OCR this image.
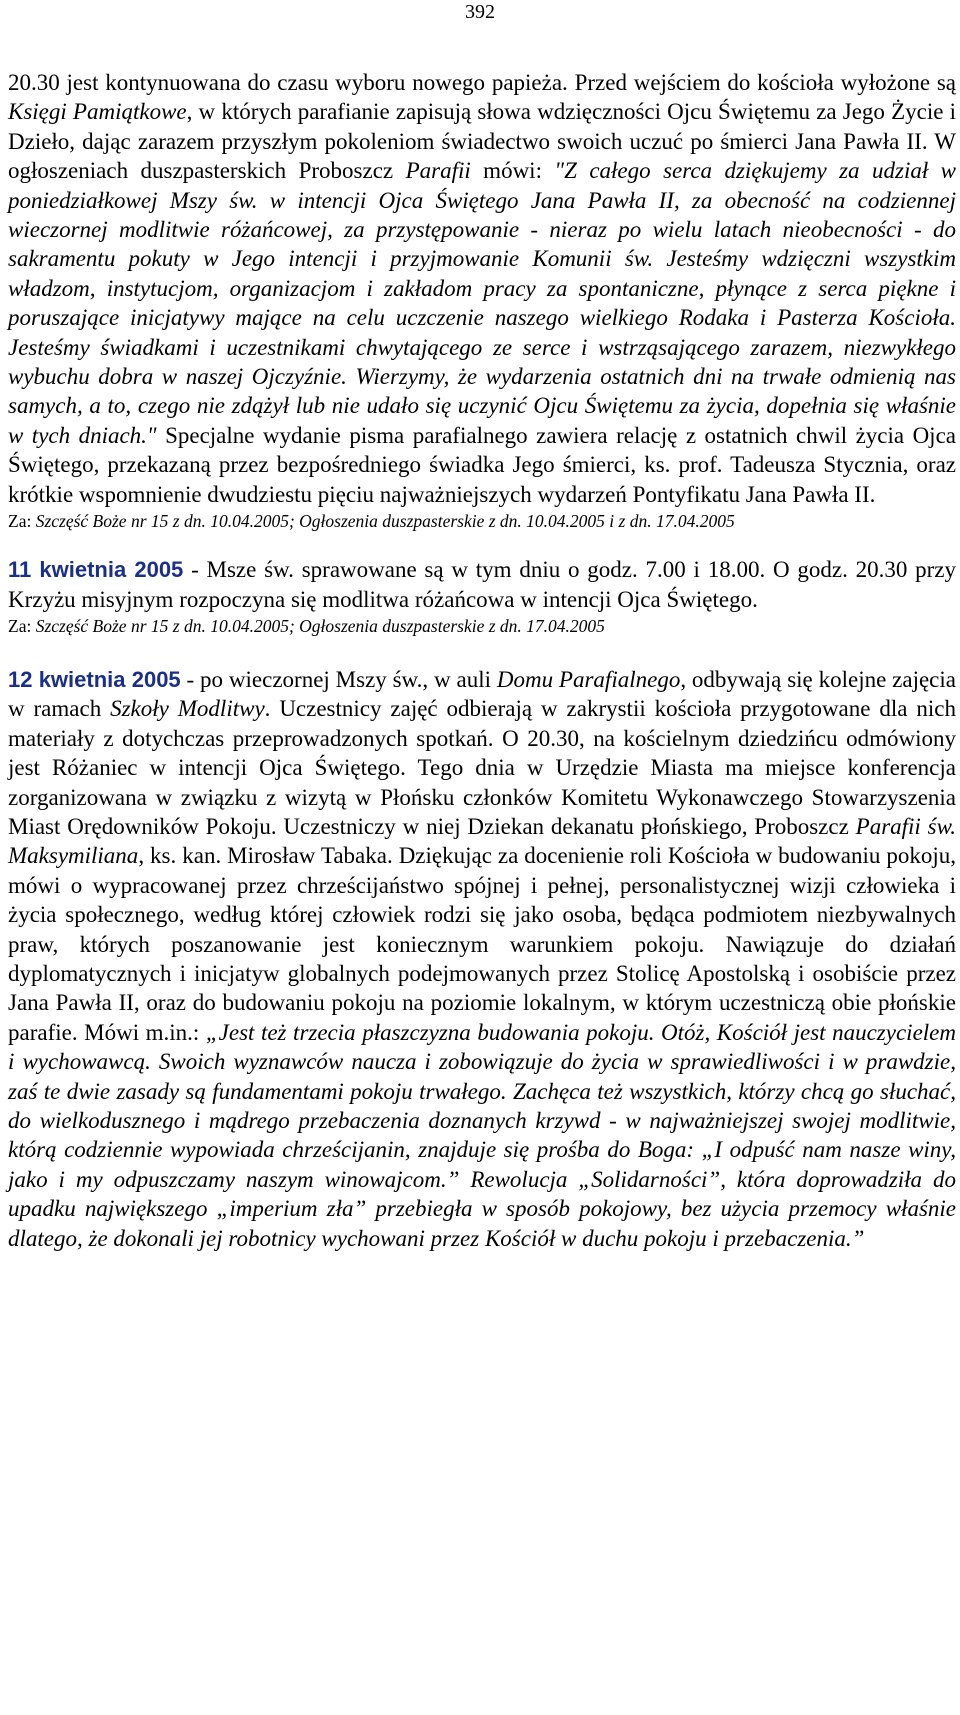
392

20.30 jest kontynuowana do czasu wyboru nowego papieża. Przed wejściem do kościoła wyłożone są Księgi Pamiątkowe, w których parafianie zapisują słowa wdzięczności Ojcu Świętemu za Jego Życie i Dzieło, dając zarazem przyszłym pokoleniom świadectwo swoich uczuć po śmierci Jana Pawła II. W ogłoszeniach duszpasterskich Proboszcz Parafii mówi: "Z całego serca dziękujemy za udział w poniedziałkowej Mszy św. w intencji Ojca Świętego Jana Pawła II, za obecność na codziennej wieczornej modlitwie różańcowej, za przystępowanie - nieraz po wielu latach nieobecności - do sakramentu pokuty w Jego intencji i przyjmowanie Komunii św. Jesteśmy wdzięczni wszystkim władzom, instytucjom, organizacjom i zakładom pracy za spontaniczne, płynące z serca piękne i poruszające inicjatywy mające na celu uczczenie naszego wielkiego Rodaka i Pasterza Kościoła. Jesteśmy świadkami i uczestnikami chwytającego ze serce i wstrząsającego zarazem, niezwykłego wybuchu dobra w naszej Ojczyźnie. Wierzymy, że wydarzenia ostatnich dni na trwałe odmienią nas samych, a to, czego nie zdążył lub nie udało się uczynić Ojcu Świętemu za życia, dopełnia się właśnie w tych dniach." Specjalne wydanie pisma parafialnego zawiera relację z ostatnich chwil życia Ojca Świętego, przekazaną przez bezpośredniego świadka Jego śmierci, ks. prof. Tadeusza Stycznia, oraz krótkie wspomnienie dwudziestu pięciu najważniejszych wydarzeń Pontyfikatu Jana Pawła II.

Za: Szczęść Boże nr 15 z dn. 10.04.2005; Ogłoszenia duszpasterskie z dn. 10.04.2005 i z dn. 17.04.2005

11 kwietnia 2005 - Msze św. sprawowane są w tym dniu o godz. 7.00 i 18.00. O godz. 20.30 przy Krzyżu misyjnym rozpoczyna się modlitwa różańcowa w intencji Ojca Świętego.

Za: Szczęść Boże nr 15 z dn. 10.04.2005; Ogłoszenia duszpasterskie z dn. 17.04.2005

12 kwietnia 2005 - po wieczornej Mszy św., w auli Domu Parafialnego, odbywają się kolejne zajęcia w ramach Szkoły Modlitwy. Uczestnicy zajęć odbierają w zakrystii kościoła przygotowane dla nich materiały z dotychczas przeprowadzonych spotkań. O 20.30, na kościelnym dziedzińcu odmówiony jest Różaniec w intencji Ojca Świętego. Tego dnia w Urzędzie Miasta ma miejsce konferencja zorganizowana w związku z wizytą w Płońsku członków Komitetu Wykonawczego Stowarzyszenia Miast Orędowników Pokoju. Uczestniczy w niej Dziekan dekanatu płońskiego, Proboszcz Parafii św. Maksymiliana, ks. kan. Mirosław Tabaka. Dziękując za docenienie roli Kościoła w budowaniu pokoju, mówi o wypracowanej przez chrześcijaństwo spójnej i pełnej, personalistycznej wizji człowieka i życia społecznego, według której człowiek rodzi się jako osoba, będąca podmiotem niezbywalnych praw, których poszanowanie jest koniecznym warunkiem pokoju. Nawiązuje do działań dyplomatycznych i inicjatyw globalnych podejmowanych przez Stolicę Apostolską i osobiście przez Jana Pawła II, oraz do budowaniu pokoju na poziomie lokalnym, w którym uczestniczą obie płońskie parafie. Mówi m.in.: „Jest też trzecia płaszczyzna budowania pokoju. Otóż, Kościół jest nauczycielem i wychowawcą. Swoich wyznawców naucza i zobowiązuje do życia w sprawiedliwości i w prawdzie, zaś te dwie zasady są fundamentami pokoju trwałego. Zachęca też wszystkich, którzy chcą go słuchać, do wielkodusznego i mądrego przebaczenia doznanych krzywd - w najważniejszej swojej modlitwie, którą codziennie wypowiada chrześcijanin, znajduje się prośba do Boga: „I odpuść nam nasze winy, jako i my odpuszczamy naszym winowajcom.” Rewolucja „Solidarności”, która doprowadziła do upadku największego „imperium zła” przebiegła w sposób pokojowy, bez użycia przemocy właśnie dlatego, że dokonali jej robotnicy wychowani przez Kościół w duchu pokoju i przebaczenia.”
